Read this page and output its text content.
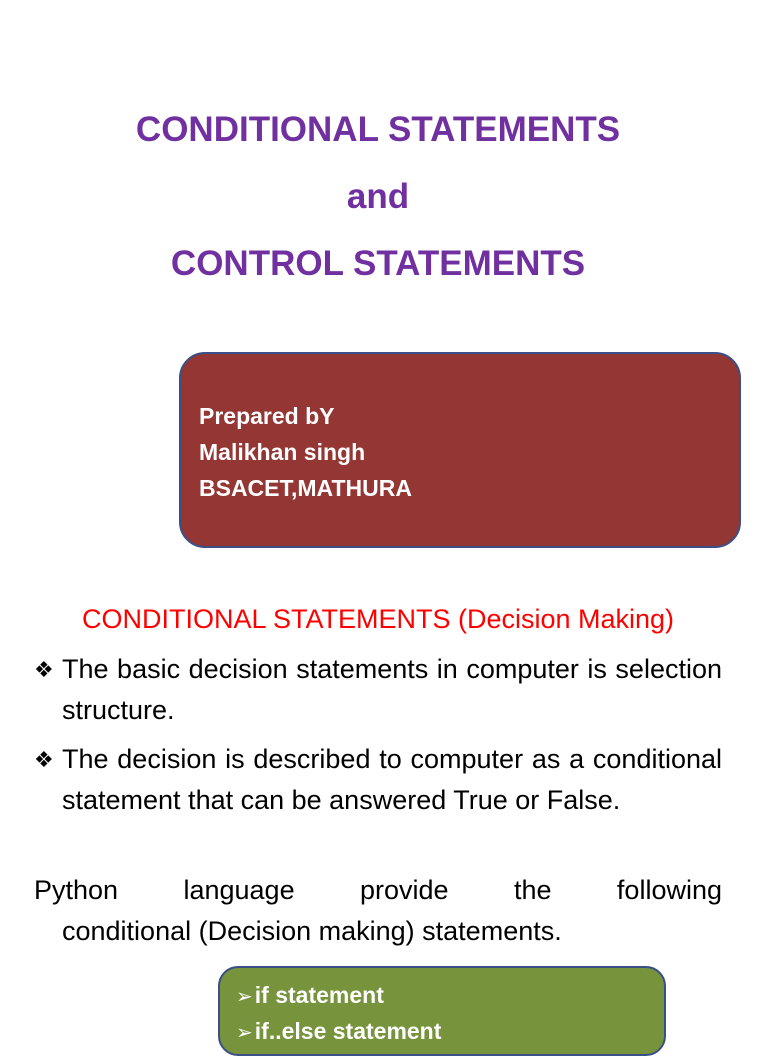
CONDITIONAL STATEMENTS
and
CONTROL STATEMENTS
Prepared bY
Malikhan singh
BSACET,MATHURA
CONDITIONAL STATEMENTS (Decision Making)
❖ The basic decision statements in computer is selection structure.
❖ The decision is described to computer as a conditional statement that can be answered True or False.
Python language provide the following
conditional (Decision making) statements.
➢if statement
➢if..else statement
